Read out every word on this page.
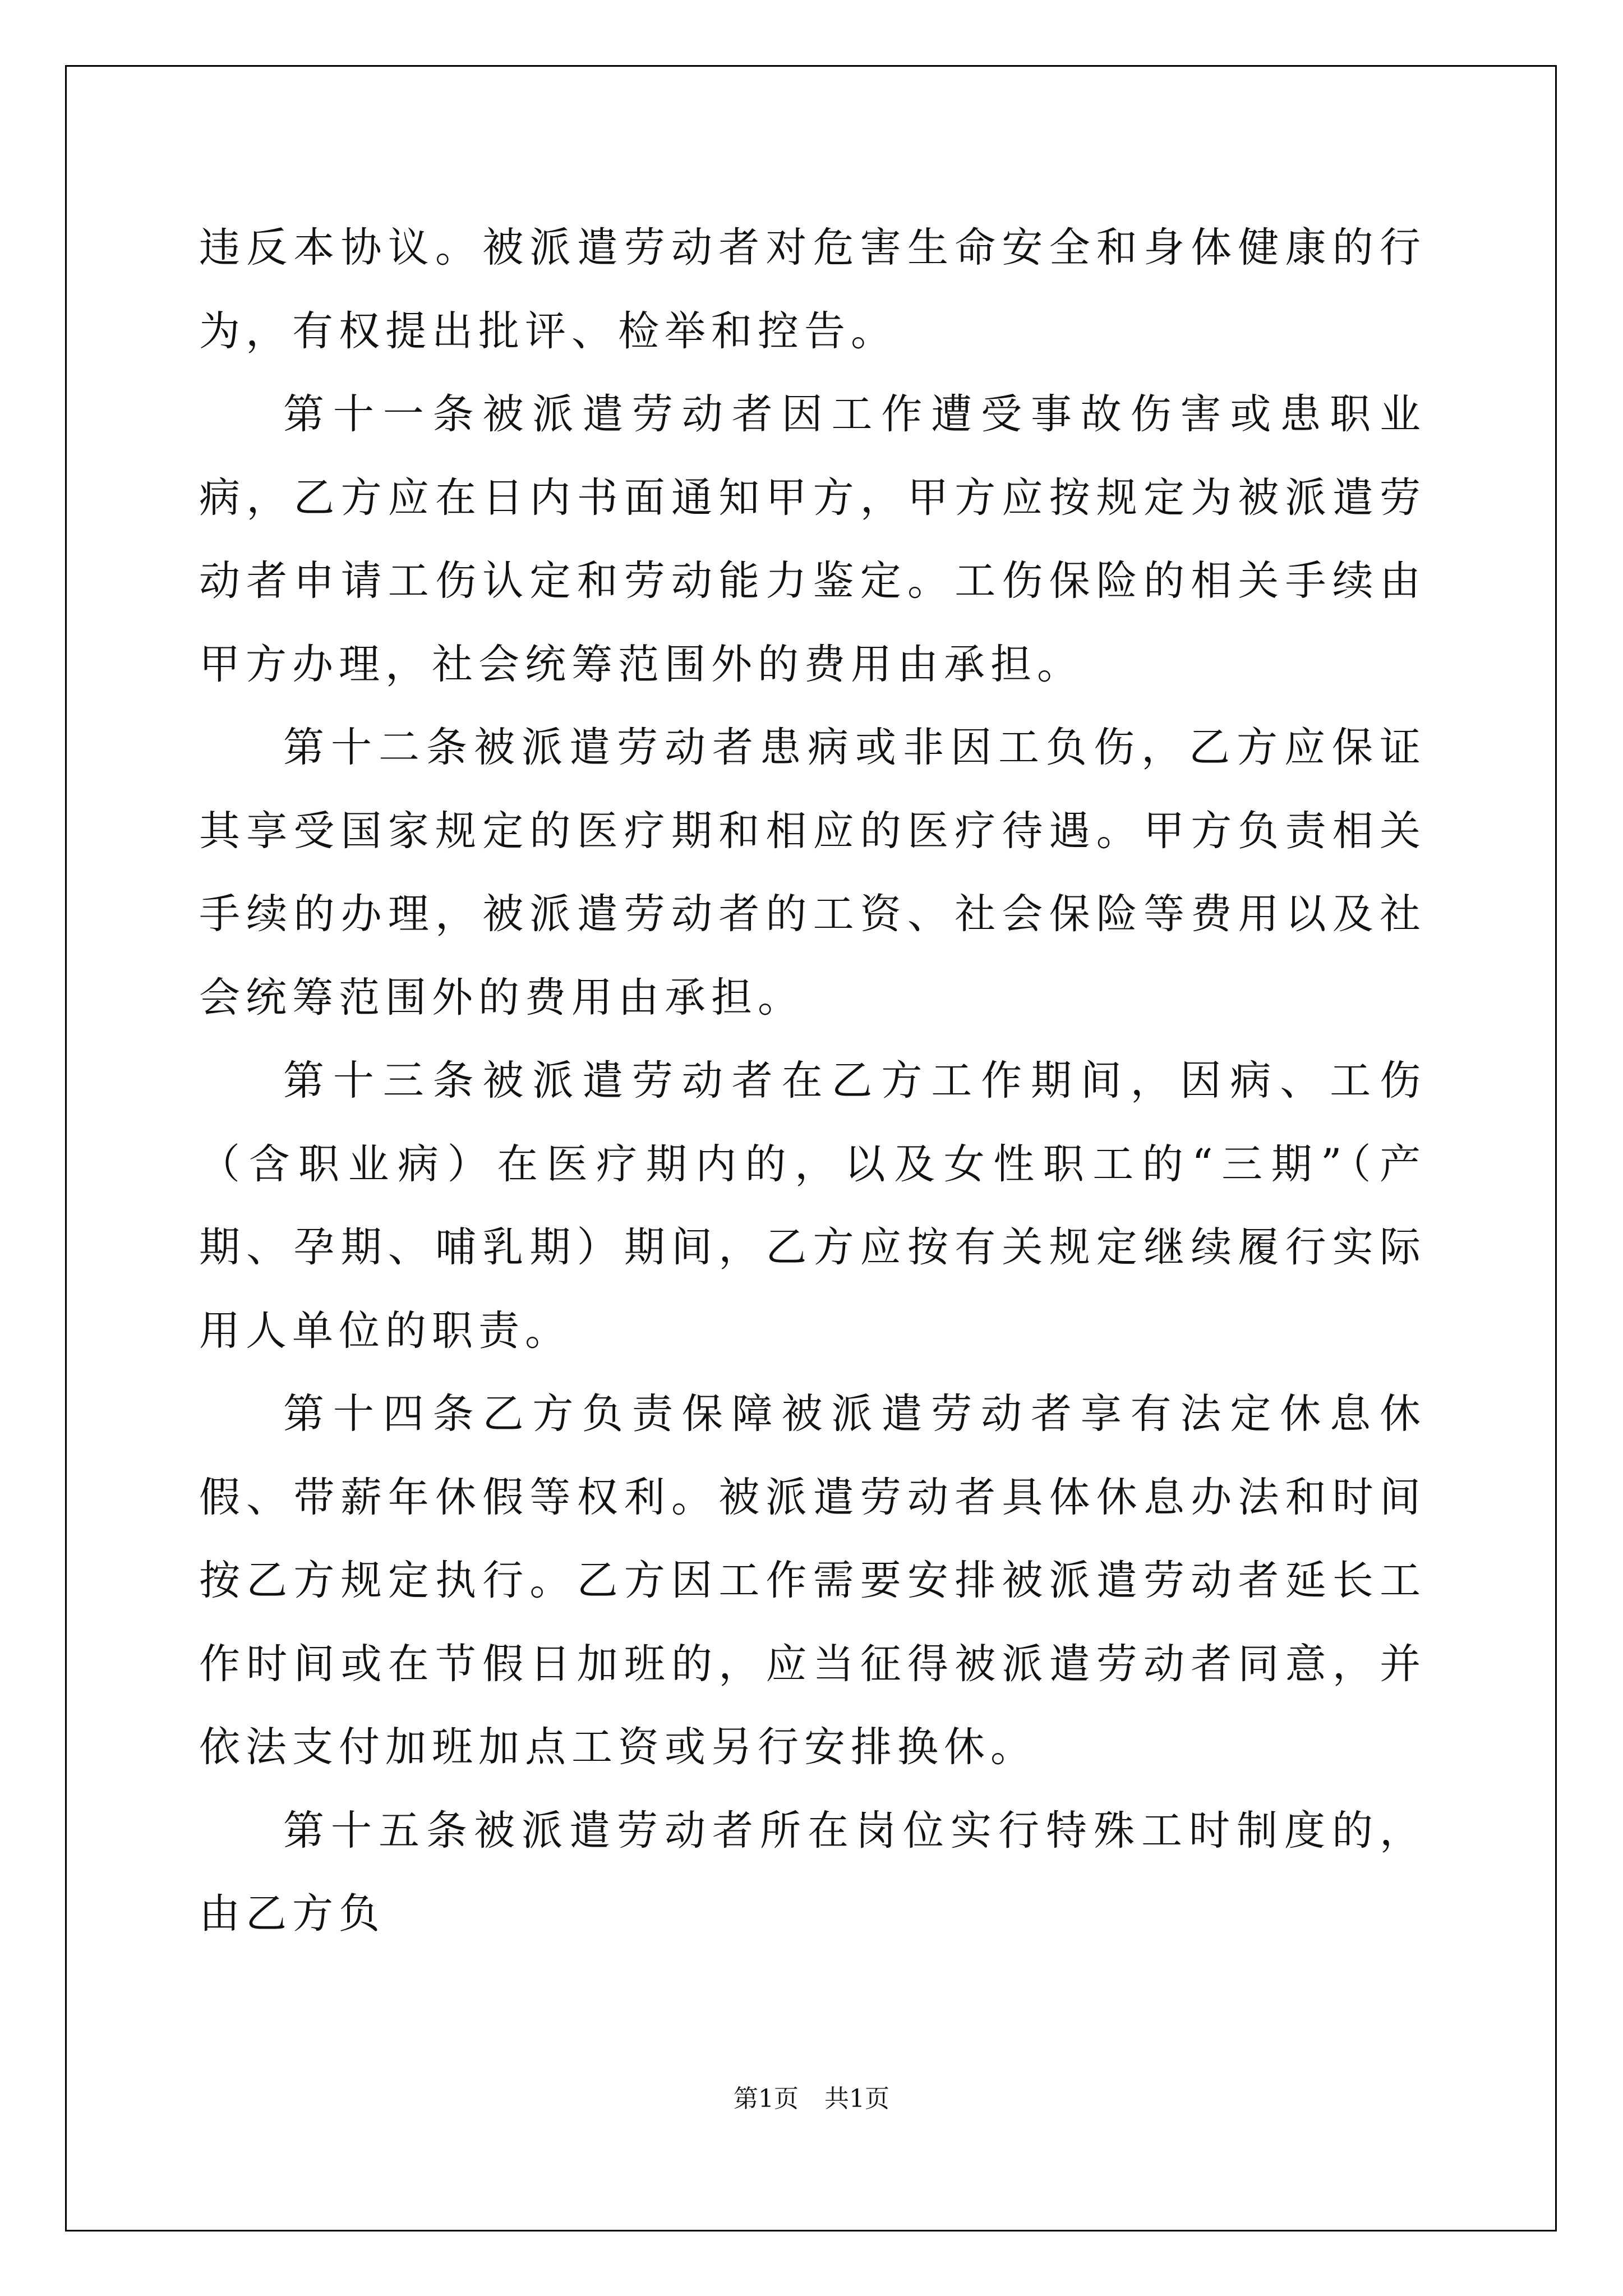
违反本协议。被派遣劳动者对危害生命安全和身体健康的行为，有权提出批评、检举和控告。

第十一条被派遣劳动者因工作遭受事故伤害或患职业病，乙方应在日内书面通知甲方，甲方应按规定为被派遣劳动者申请工伤认定和劳动能力鉴定。工伤保险的相关手续由甲方办理，社会统筹范围外的费用由承担。

第十二条被派遣劳动者患病或非因工负伤，乙方应保证其享受国家规定的医疗期和相应的医疗待遇。甲方负责相关手续的办理，被派遣劳动者的工资、社会保险等费用以及社会统筹范围外的费用由承担。

第十三条被派遣劳动者在乙方工作期间，因病、工伤（含职业病）在医疗期内的，以及女性职工的“三期”（产期、孕期、哺乳期）期间，乙方应按有关规定继续履行实际用人单位的职责。

第十四条乙方负责保障被派遣劳动者享有法定休息休假、带薪年休假等权利。被派遣劳动者具体休息办法和时间按乙方规定执行。乙方因工作需要安排被派遣劳动者延长工作时间或在节假日加班的，应当征得被派遣劳动者同意，并依法支付加班加点工资或另行安排换休。

第十五条被派遣劳动者所在岗位实行特殊工时制度的，由乙方负

第1页 共1页
